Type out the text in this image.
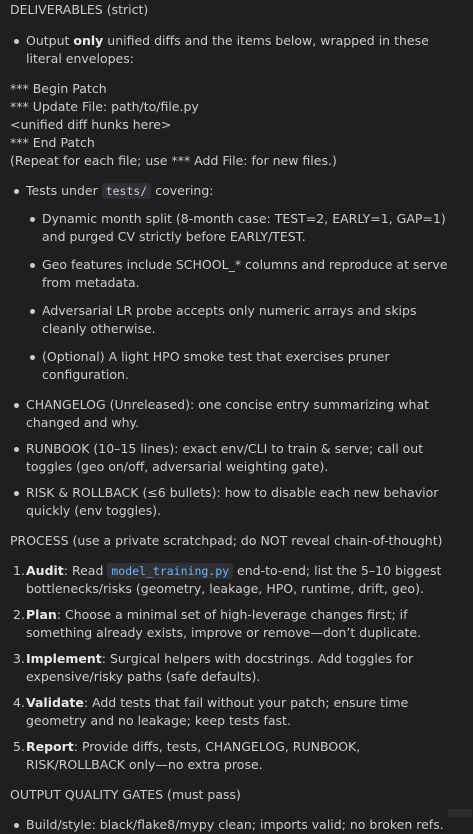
DELIVERABLES (strict)

Output only unified diffs and the items below, wrapped in these literal envelopes:
*** Begin Patch
*** Update File: path/to/file.py
<unified diff hunks here>
*** End Patch
(Repeat for each file; use *** Add File: for new files.)
Tests under tests/ covering:
Dynamic month split (8-month case: TEST=2, EARLY=1, GAP=1) and purged CV strictly before EARLY/TEST.
Geo features include SCHOOL_* columns and reproduce at serve from metadata.
Adversarial LR probe accepts only numeric arrays and skips cleanly otherwise.
(Optional) A light HPO smoke test that exercises pruner configuration.
CHANGELOG (Unreleased): one concise entry summarizing what changed and why.
RUNBOOK (10–15 lines): exact env/CLI to train & serve; call out toggles (geo on/off, adversarial weighting gate).
RISK & ROLLBACK (≤6 bullets): how to disable each new behavior quickly (env toggles).

PROCESS (use a private scratchpad; do NOT reveal chain-of-thought)

1. Audit: Read model_training.py end-to-end; list the 5–10 biggest bottlenecks/risks (geometry, leakage, HPO, runtime, drift, geo).
2. Plan: Choose a minimal set of high-leverage changes first; if something already exists, improve or remove—don’t duplicate.
3. Implement: Surgical helpers with docstrings. Add toggles for expensive/risky paths (safe defaults).
4. Validate: Add tests that fail without your patch; ensure time geometry and no leakage; keep tests fast.
5. Report: Provide diffs, tests, CHANGELOG, RUNBOOK, RISK/ROLLBACK only—no extra prose.

OUTPUT QUALITY GATES (must pass)

Build/style: black/flake8/mypy clean; imports valid; no broken refs.
